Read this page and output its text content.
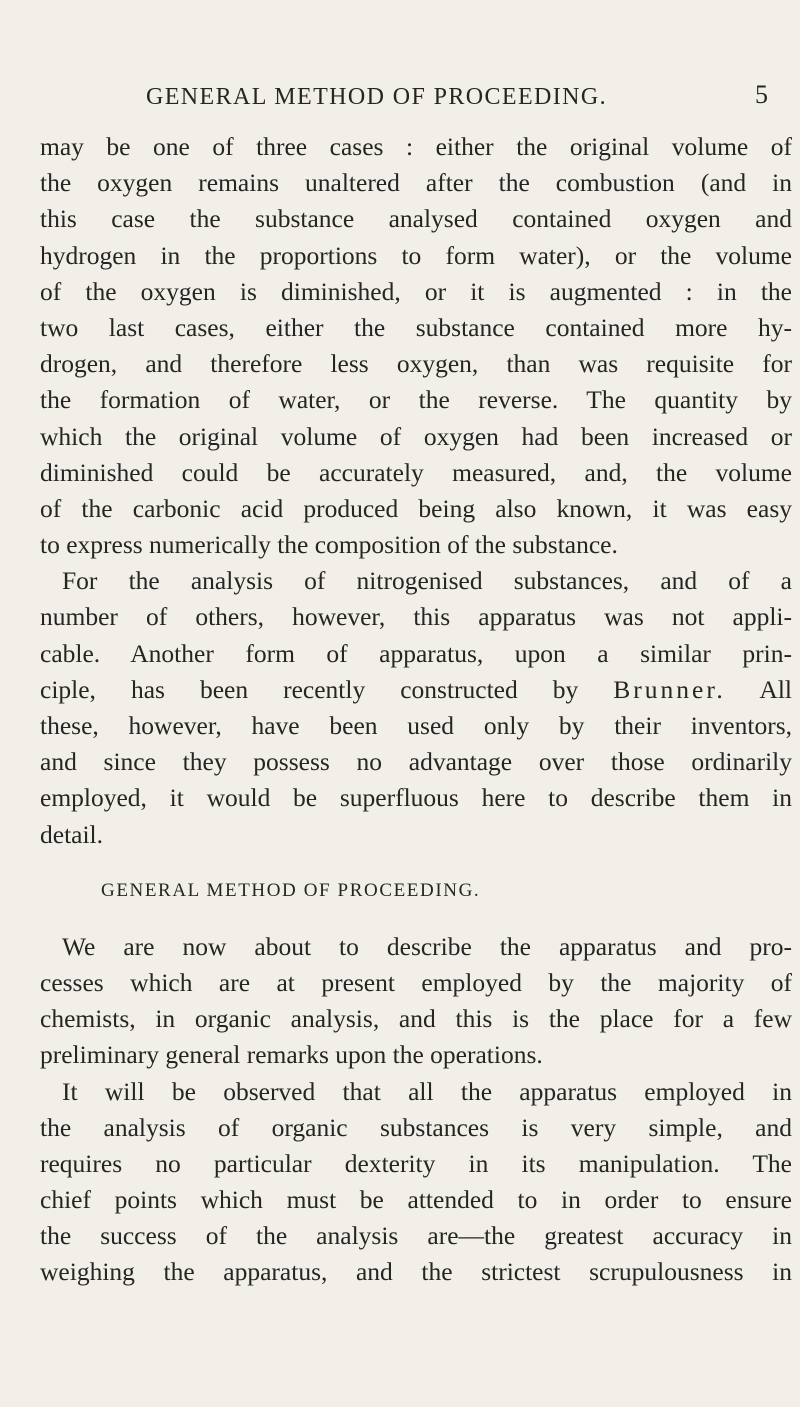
GENERAL METHOD OF PROCEEDING.	5
may be one of three cases : either the original volume of
the oxygen remains unaltered after the combustion (and in
this case the substance analysed contained oxygen and
hydrogen in the proportions to form water), or the volume
of the oxygen is diminished, or it is augmented : in the
two last cases, either the substance contained more hy-
drogen, and therefore less oxygen, than was requisite for
the formation of water, or the reverse. The quantity by
which the original volume of oxygen had been increased or
diminished could be accurately measured, and, the volume
of the carbonic acid produced being also known, it was easy
to express numerically the composition of the substance.
For the analysis of nitrogenised substances, and of a
number of others, however, this apparatus was not appli-
cable. Another form of apparatus, upon a similar prin-
ciple, has been recently constructed by Brunner. All
these, however, have been used only by their inventors,
and since they possess no advantage over those ordinarily
employed, it would be superfluous here to describe them in
detail.
GENERAL METHOD OF PROCEEDING.
We are now about to describe the apparatus and pro-
cesses which are at present employed by the majority of
chemists, in organic analysis, and this is the place for a few
preliminary general remarks upon the operations.
It will be observed that all the apparatus employed in
the analysis of organic substances is very simple, and
requires no particular dexterity in its manipulation. The
chief points which must be attended to in order to ensure
the success of the analysis are—the greatest accuracy in
weighing the apparatus, and the strictest scrupulousness in
